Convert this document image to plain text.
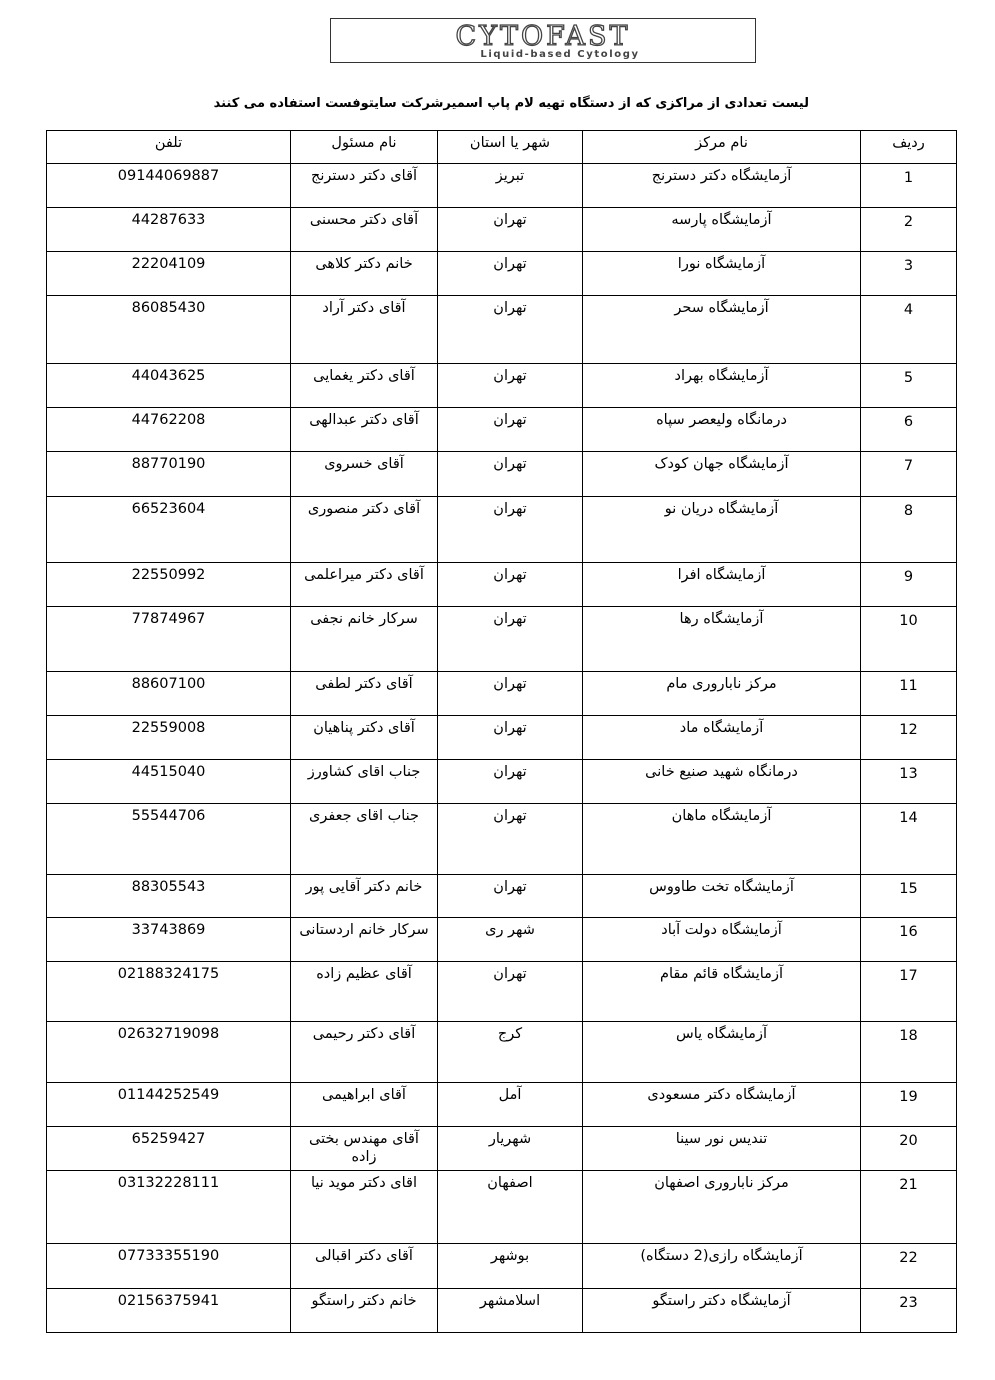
CYTOFAST
Liquid-based Cytology
لیست تعدادی از مراکزی که از دستگاه تهیه لام پاپ اسمیرشرکت سایتوفست استفاده می کنند
ردیف	نام مرکز	شهر یا استان	نام مسئول	تلفن
1	آزمایشگاه دکتر دسترنج	تبریز	آقای دکتر دسترنج	09144069887
2	آزمایشگاه پارسه	تهران	آقای دکتر محسنی	44287633
3	آزمایشگاه نورا	تهران	خانم دکتر کلاهی	22204109
4	آزمایشگاه سحر	تهران	آقای دکتر آراد	86085430
5	آزمایشگاه بهراد	تهران	آقای دکتر یغمایی	44043625
6	درمانگاه ولیعصر سپاه	تهران	آقای دکتر عبدالهی	44762208
7	آزمایشگاه جهان کودک	تهران	آقای خسروی	88770190
8	آزمایشگاه دریان نو	تهران	آقای دکتر منصوری	66523604
9	آزمایشگاه افرا	تهران	آقای دکتر میراعلمی	22550992
10	آزمایشگاه رها	تهران	سرکار خانم نجفی	77874967
11	مرکز ناباروری مام	تهران	آقای دکتر لطفی	88607100
12	آزمایشگاه ماد	تهران	آقای دکتر پناهیان	22559008
13	درمانگاه شهید صنیع خانی	تهران	جناب اقای کشاورز	44515040
14	آزمایشگاه ماهان	تهران	جناب اقای جعفری	55544706
15	آزمایشگاه تخت طاووس	تهران	خانم دکتر آقایی پور	88305543
16	آزمایشگاه دولت آباد	شهر ری	سرکار خانم اردستانی	33743869
17	آزمایشگاه قائم مقام	تهران	آقای عظیم زاده	02188324175
18	آزمایشگاه یاس	کرج	آقای دکتر رحیمی	02632719098
19	آزمایشگاه دکتر مسعودی	آمل	آقای ابراهیمی	01144252549
20	تندیس نور سینا	شهریار	آقای مهندس بختی زاده	65259427
21	مرکز ناباروری اصفهان	اصفهان	اقای دکتر موید نیا	03132228111
22	آزمایشگاه رازی(2 دستگاه)	بوشهر	آقای دکتر اقبالی	07733355190
23	آزمایشگاه دکتر راستگو	اسلامشهر	خانم دکتر راستگو	02156375941
